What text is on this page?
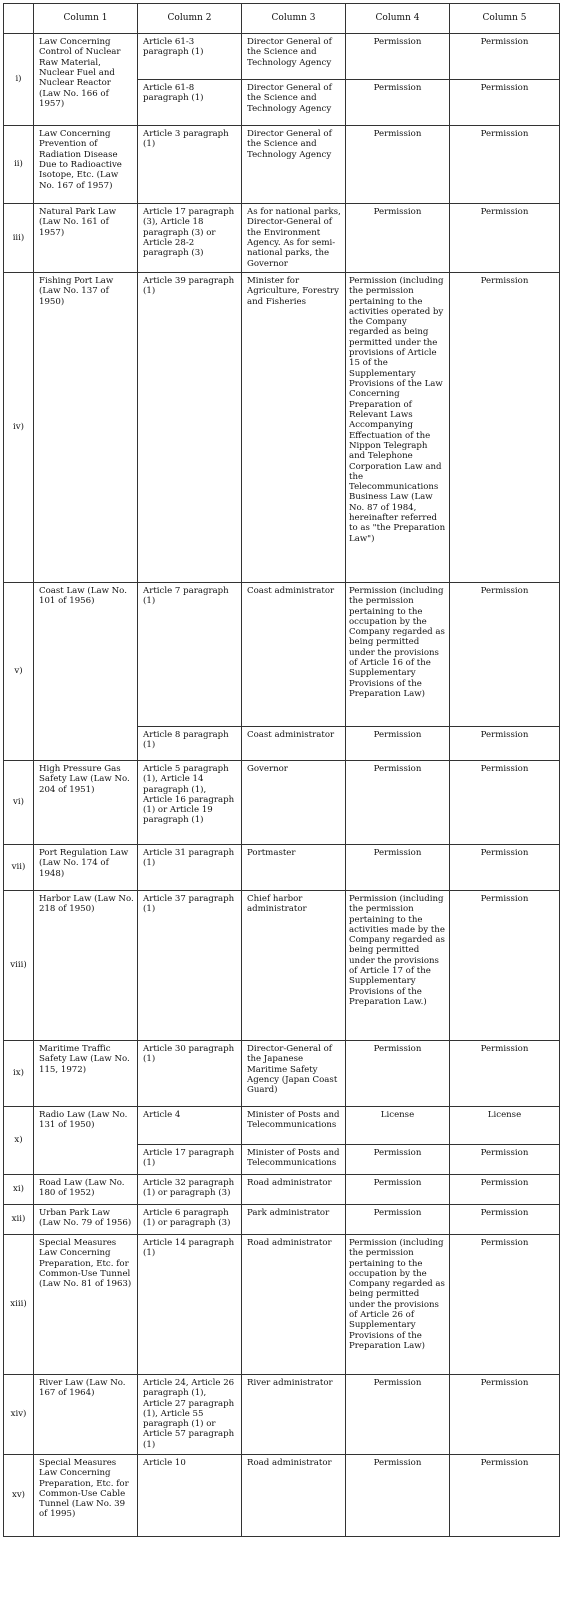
	Column 1	Column 2	Column 3	Column 4	Column 5
i)	Law Concerning Control of Nuclear Raw Material, Nuclear Fuel and Nuclear Reactor (Law No. 166 of 1957)	Article 61-3 paragraph (1)	Director General of the Science and Technology Agency	Permission	Permission
		Article 61-8 paragraph (1)	Director General of the Science and Technology Agency	Permission	Permission
ii)	Law Concerning Prevention of Radiation Disease Due to Radioactive Isotope, Etc. (Law No. 167 of 1957)	Article 3 paragraph (1)	Director General of the Science and Technology Agency	Permission	Permission
iii)	Natural Park Law (Law No. 161 of 1957)	Article 17 paragraph (3), Article 18 paragraph (3) or Article 28-2 paragraph (3)	As for national parks, Director-General of the Environment Agency. As for semi-national parks, the Governor	Permission	Permission
iv)	Fishing Port Law (Law No. 137 of 1950)	Article 39 paragraph (1)	Minister for Agriculture, Forestry and Fisheries	Permission (including the permission pertaining to the activities operated by the Company regarded as being permitted under the provisions of Article 15 of the Supplementary Provisions of the Law Concerning Preparation of Relevant Laws Accompanying Effectuation of the Nippon Telegraph and Telephone Corporation Law and the Telecommunications Business Law (Law No. 87 of 1984, hereinafter referred to as "the Preparation Law")	Permission
v)	Coast Law (Law No. 101 of 1956)	Article 7 paragraph (1)	Coast administrator	Permission (including the permission pertaining to the occupation by the Company regarded as being permitted under the provisions of Article 16 of the Supplementary Provisions of the Preparation Law)	Permission
		Article 8 paragraph (1)	Coast administrator	Permission	Permission
vi)	High Pressure Gas Safety Law (Law No. 204 of 1951)	Article 5 paragraph (1), Article 14 paragraph (1), Article 16 paragraph (1) or Article 19 paragraph (1)	Governor	Permission	Permission
vii)	Port Regulation Law (Law No. 174 of 1948)	Article 31 paragraph (1)	Portmaster	Permission	Permission
viii)	Harbor Law (Law No. 218 of 1950)	Article 37 paragraph (1)	Chief harbor administrator	Permission (including the permission pertaining to the activities made by the Company regarded as being permitted under the provisions of Article 17 of the Supplementary Provisions of the Preparation Law.)	Permission
ix)	Maritime Traffic Safety Law (Law No. 115, 1972)	Article 30 paragraph (1)	Director-General of the Japanese Maritime Safety Agency (Japan Coast Guard)	Permission	Permission
x)	Radio Law (Law No. 131 of 1950)	Article 4	Minister of Posts and Telecommunications	License	License
		Article 17 paragraph (1)	Minister of Posts and Telecommunications	Permission	Permission
xi)	Road Law (Law No. 180 of 1952)	Article 32 paragraph (1) or paragraph (3)	Road administrator	Permission	Permission
xii)	Urban Park Law (Law No. 79 of 1956)	Article 6 paragraph (1) or paragraph (3)	Park administrator	Permission	Permission
xiii)	Special Measures Law Concerning Preparation, Etc. for Common-Use Tunnel (Law No. 81 of 1963)	Article 14 paragraph (1)	Road administrator	Permission (including the permission pertaining to the occupation by the Company regarded as being permitted under the provisions of Article 26 of Supplementary Provisions of the Preparation Law)	Permission
xiv)	River Law (Law No. 167 of 1964)	Article 24, Article 26 paragraph (1), Article 27 paragraph (1), Article 55 paragraph (1) or Article 57 paragraph (1)	River administrator	Permission	Permission
xv)	Special Measures Law Concerning Preparation, Etc. for Common-Use Cable Tunnel (Law No. 39 of 1995)	Article 10	Road administrator	Permission	Permission
